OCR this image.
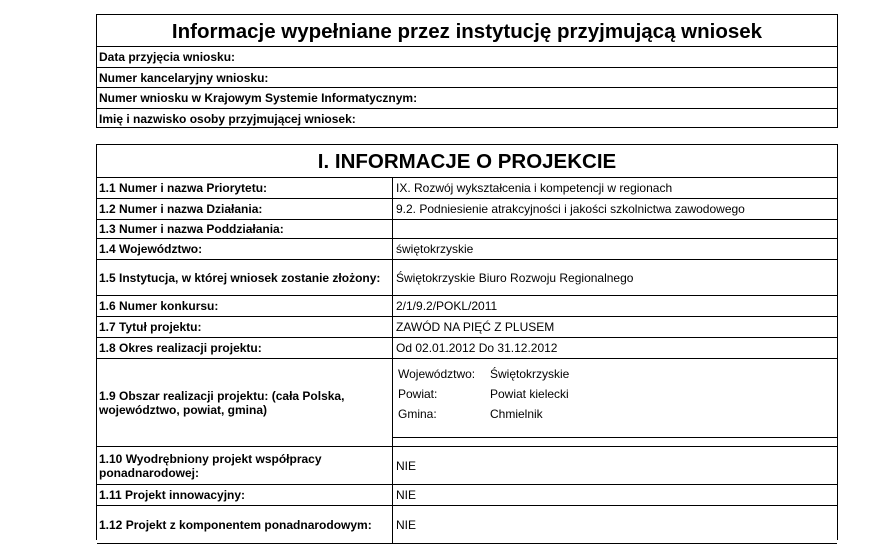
Informacje wypełniane przez instytucję przyjmującą wniosek
Data przyjęcia wniosku:
Numer kancelaryjny wniosku:
Numer wniosku w Krajowym Systemie Informatycznym:
Imię i nazwisko osoby przyjmującej wniosek:
I. INFORMACJE O PROJEKCIE
1.1 Numer i nazwa Priorytetu:	IX. Rozwój wykształcenia i kompetencji w regionach
1.2 Numer i nazwa Działania:	9.2. Podniesienie atrakcyjności i jakości szkolnictwa zawodowego
1.3 Numer i nazwa Poddziałania:
1.4 Województwo:	świętokrzyskie
1.5 Instytucja, w której wniosek zostanie złożony:	Świętokrzyskie Biuro Rozwoju Regionalnego
1.6 Numer konkursu:	2/1/9.2/POKL/2011
1.7 Tytuł projektu:	ZAWÓD NA PIĘĆ Z PLUSEM
1.8 Okres realizacji projektu:	Od 02.01.2012 Do 31.12.2012
1.9 Obszar realizacji projektu: (cała Polska, województwo, powiat, gmina)
Województwo:	Świętokrzyskie
Powiat:	Powiat kielecki
Gmina:	Chmielnik
1.10 Wyodrębniony projekt współpracy ponadnarodowej:	NIE
1.11 Projekt innowacyjny:	NIE
1.12 Projekt z komponentem ponadnarodowym:	NIE
